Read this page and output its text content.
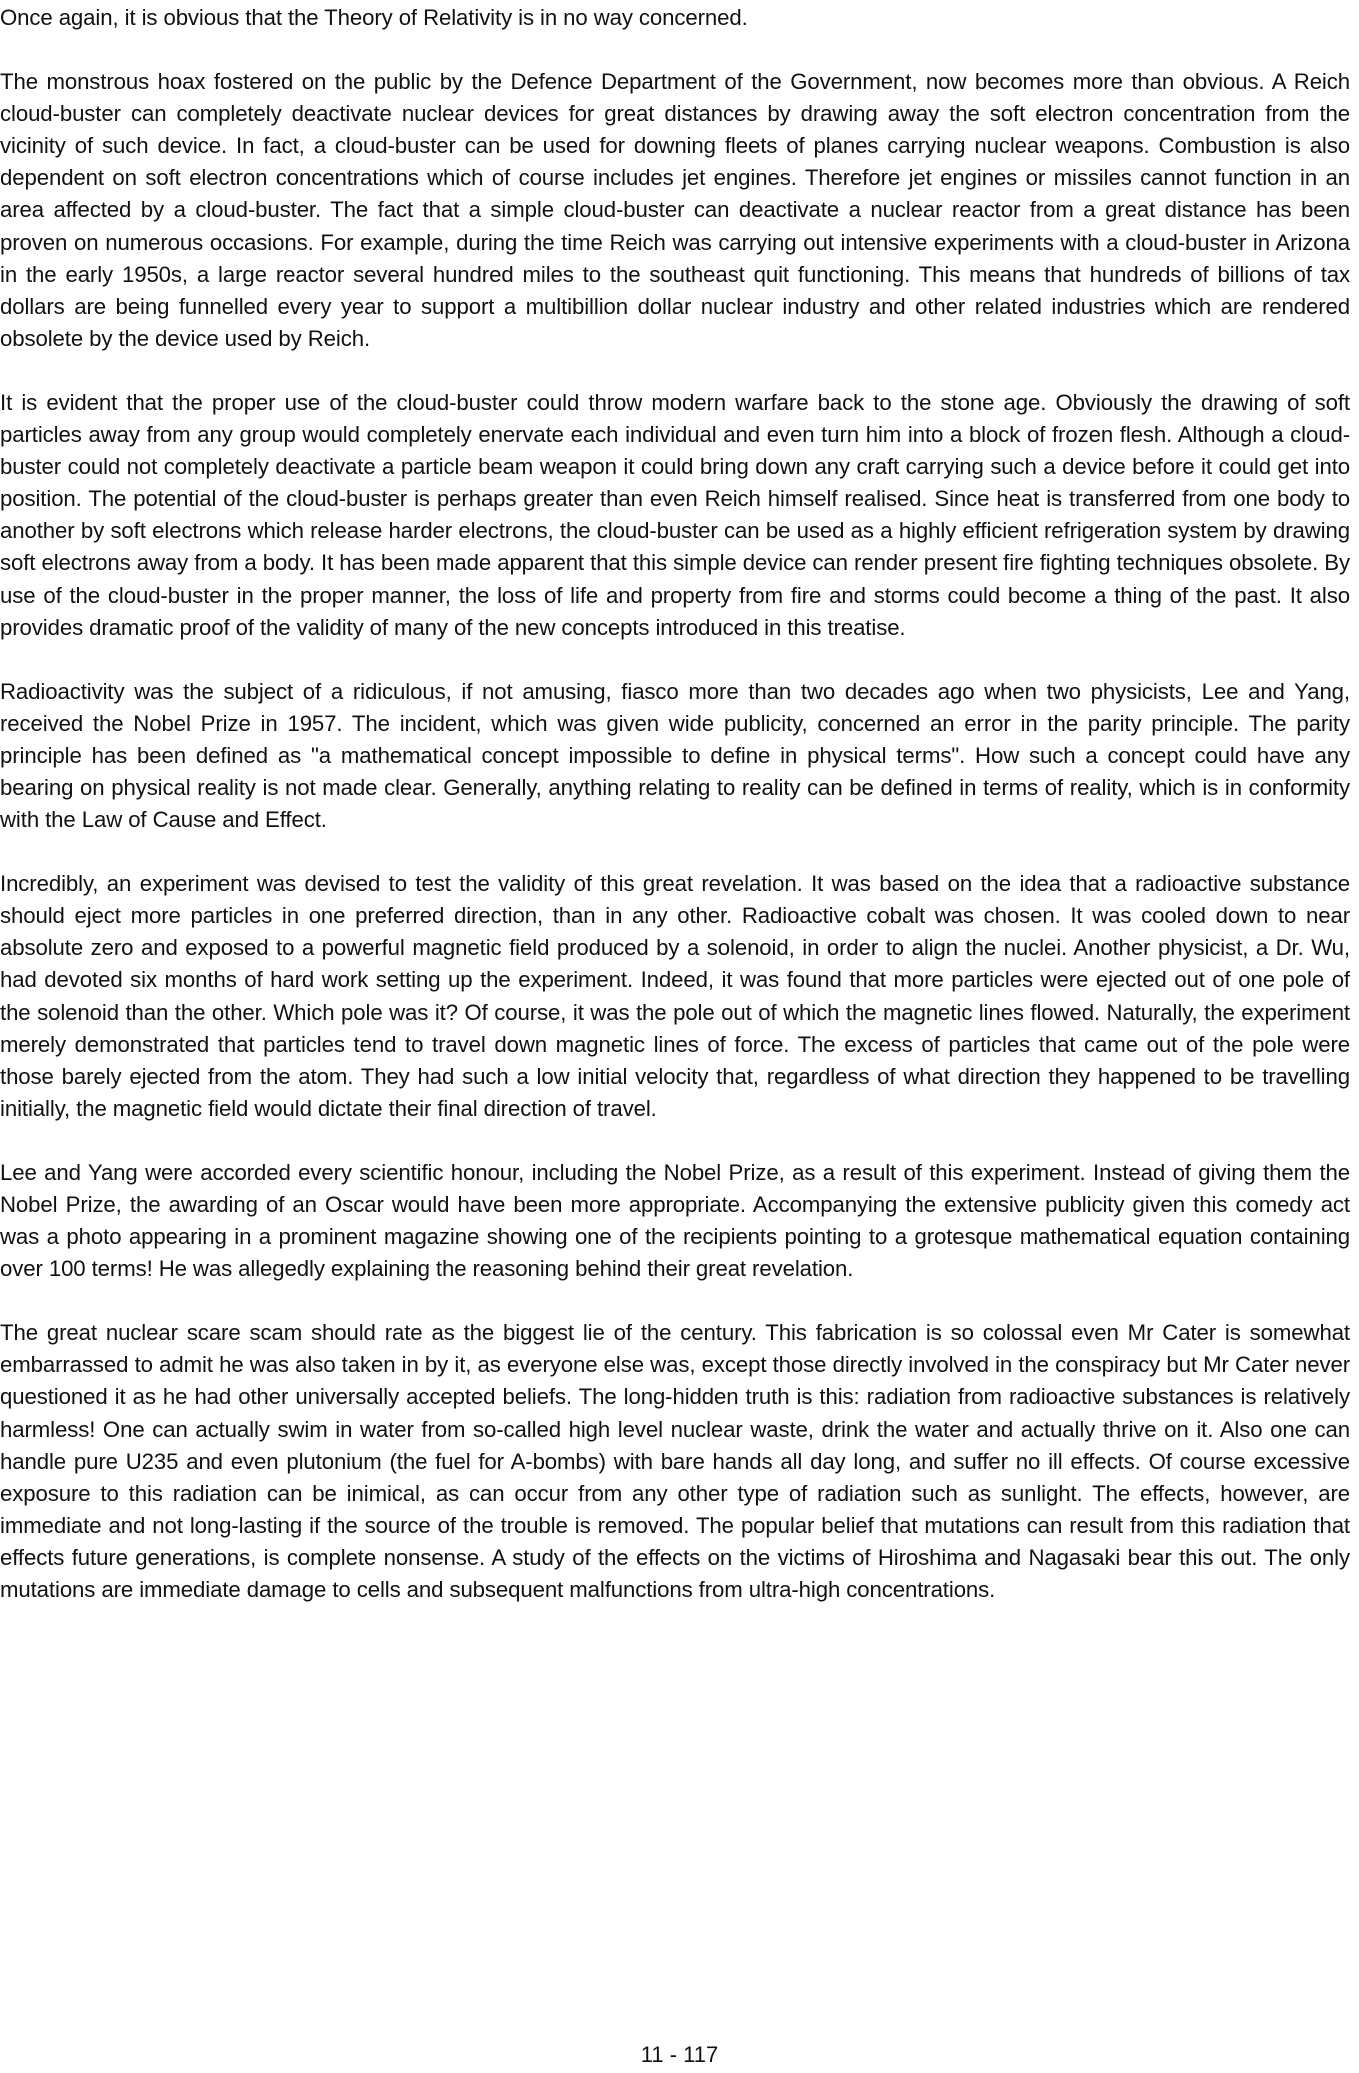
Once again, it is obvious that the Theory of Relativity is in no way concerned.

The monstrous hoax fostered on the public by the Defence Department of the Government, now becomes more than obvious. A Reich cloud-buster can completely deactivate nuclear devices for great distances by drawing away the soft electron concentration from the vicinity of such device. In fact, a cloud-buster can be used for downing fleets of planes carrying nuclear weapons. Combustion is also dependent on soft electron concentrations which of course includes jet engines. Therefore jet engines or missiles cannot function in an area affected by a cloud-buster. The fact that a simple cloud-buster can deactivate a nuclear reactor from a great distance has been proven on numerous occasions. For example, during the time Reich was carrying out intensive experiments with a cloud-buster in Arizona in the early 1950s, a large reactor several hundred miles to the southeast quit functioning. This means that hundreds of billions of tax dollars are being funnelled every year to support a multibillion dollar nuclear industry and other related industries which are rendered obsolete by the device used by Reich.

It is evident that the proper use of the cloud-buster could throw modern warfare back to the stone age. Obviously the drawing of soft particles away from any group would completely enervate each individual and even turn him into a block of frozen flesh. Although a cloud-buster could not completely deactivate a particle beam weapon it could bring down any craft carrying such a device before it could get into position. The potential of the cloud-buster is perhaps greater than even Reich himself realised. Since heat is transferred from one body to another by soft electrons which release harder electrons, the cloud-buster can be used as a highly efficient refrigeration system by drawing soft electrons away from a body. It has been made apparent that this simple device can render present fire fighting techniques obsolete. By use of the cloud-buster in the proper manner, the loss of life and property from fire and storms could become a thing of the past. It also provides dramatic proof of the validity of many of the new concepts introduced in this treatise.

Radioactivity was the subject of a ridiculous, if not amusing, fiasco more than two decades ago when two physicists, Lee and Yang, received the Nobel Prize in 1957. The incident, which was given wide publicity, concerned an error in the parity principle. The parity principle has been defined as "a mathematical concept impossible to define in physical terms". How such a concept could have any bearing on physical reality is not made clear. Generally, anything relating to reality can be defined in terms of reality, which is in conformity with the Law of Cause and Effect.

Incredibly, an experiment was devised to test the validity of this great revelation. It was based on the idea that a radioactive substance should eject more particles in one preferred direction, than in any other. Radioactive cobalt was chosen. It was cooled down to near absolute zero and exposed to a powerful magnetic field produced by a solenoid, in order to align the nuclei. Another physicist, a Dr. Wu, had devoted six months of hard work setting up the experiment. Indeed, it was found that more particles were ejected out of one pole of the solenoid than the other. Which pole was it? Of course, it was the pole out of which the magnetic lines flowed. Naturally, the experiment merely demonstrated that particles tend to travel down magnetic lines of force. The excess of particles that came out of the pole were those barely ejected from the atom. They had such a low initial velocity that, regardless of what direction they happened to be travelling initially, the magnetic field would dictate their final direction of travel.

Lee and Yang were accorded every scientific honour, including the Nobel Prize, as a result of this experiment. Instead of giving them the Nobel Prize, the awarding of an Oscar would have been more appropriate. Accompanying the extensive publicity given this comedy act was a photo appearing in a prominent magazine showing one of the recipients pointing to a grotesque mathematical equation containing over 100 terms! He was allegedly explaining the reasoning behind their great revelation.

The great nuclear scare scam should rate as the biggest lie of the century. This fabrication is so colossal even Mr Cater is somewhat embarrassed to admit he was also taken in by it, as everyone else was, except those directly involved in the conspiracy but Mr Cater never questioned it as he had other universally accepted beliefs. The long-hidden truth is this: radiation from radioactive substances is relatively harmless! One can actually swim in water from so-called high level nuclear waste, drink the water and actually thrive on it. Also one can handle pure U235 and even plutonium (the fuel for A-bombs) with bare hands all day long, and suffer no ill effects. Of course excessive exposure to this radiation can be inimical, as can occur from any other type of radiation such as sunlight. The effects, however, are immediate and not long-lasting if the source of the trouble is removed. The popular belief that mutations can result from this radiation that effects future generations, is complete nonsense. A study of the effects on the victims of Hiroshima and Nagasaki bear this out. The only mutations are immediate damage to cells and subsequent malfunctions from ultra-high concentrations.

11 - 117
